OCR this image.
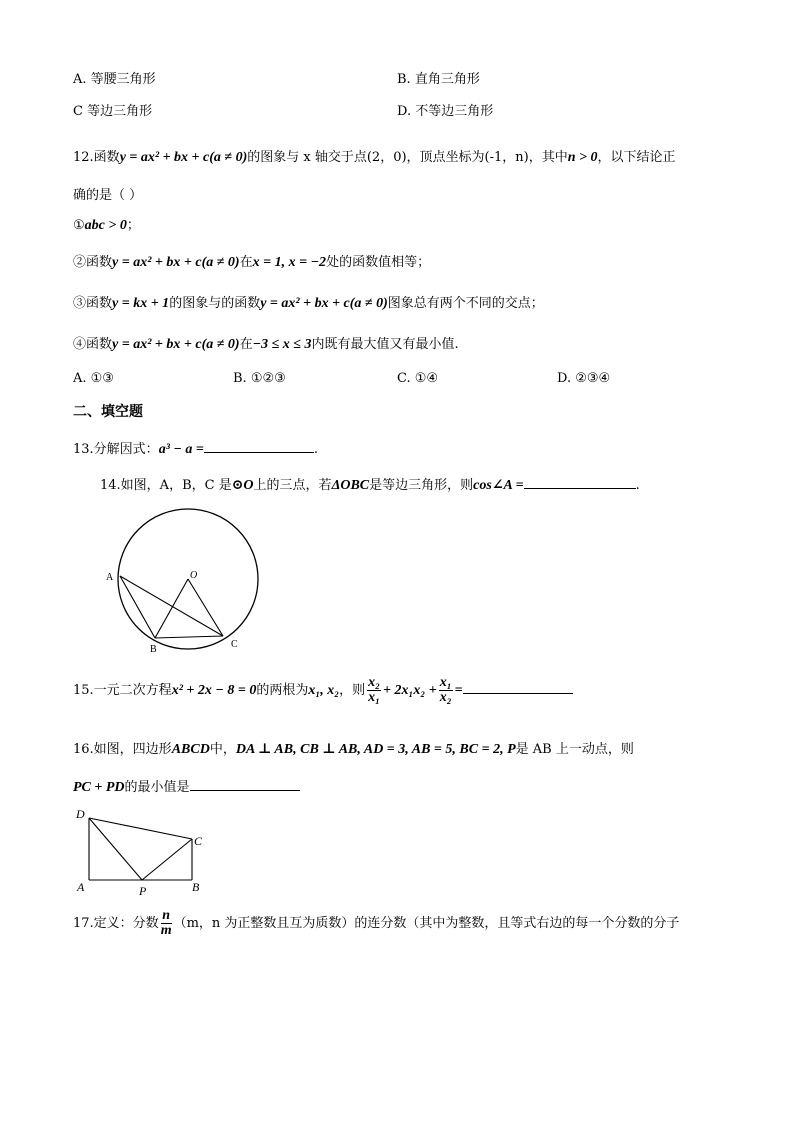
A. 等腰三角形	B. 直角三角形
C 等边三角形	D. 不等边三角形
12.函数y = ax² + bx + c(a ≠ 0)的图象与 x 轴交于点(2，0)，顶点坐标为(-1，n)，其中n > 0，以下结论正
确的是（ ）
①abc > 0；
②函数y = ax² + bx + c(a ≠ 0)在x = 1, x = −2处的函数值相等；
③函数y = kx + 1的图象与的函数y = ax² + bx + c(a ≠ 0)图象总有两个不同的交点；
④函数y = ax² + bx + c(a ≠ 0)在−3 ≤ x ≤ 3内既有最大值又有最小值.
A. ①③	B. ①②③	C. ①④	D. ②③④
二、填空题
13.分解因式：a³ − a =	.
14.如图，A，B，C 是⊙O上的三点，若ΔOBC是等边三角形，则cos∠A =	.
A
B	C
O
15.一元二次方程x² + 2x − 8 = 0的两根为x₁, x₂，则 $\frac{\text{x₂}}{\text{x₁}} + 2x_1x_2 + \frac{\text{x₁}}{\text{x₂}}$ =
16.如图，四边形ABCD中，DA ⊥ AB, CB ⊥ AB, AD = 3, AB = 5, BC = 2, P是 AB 上一动点，则
PC + PD的最小值是
D
A	P	B
C
17.定义：分数 $\frac{n}{m} (m$，n 为正整数且互为质数）的连分数（其中为整数，且等式右边的每一个分数的分子
